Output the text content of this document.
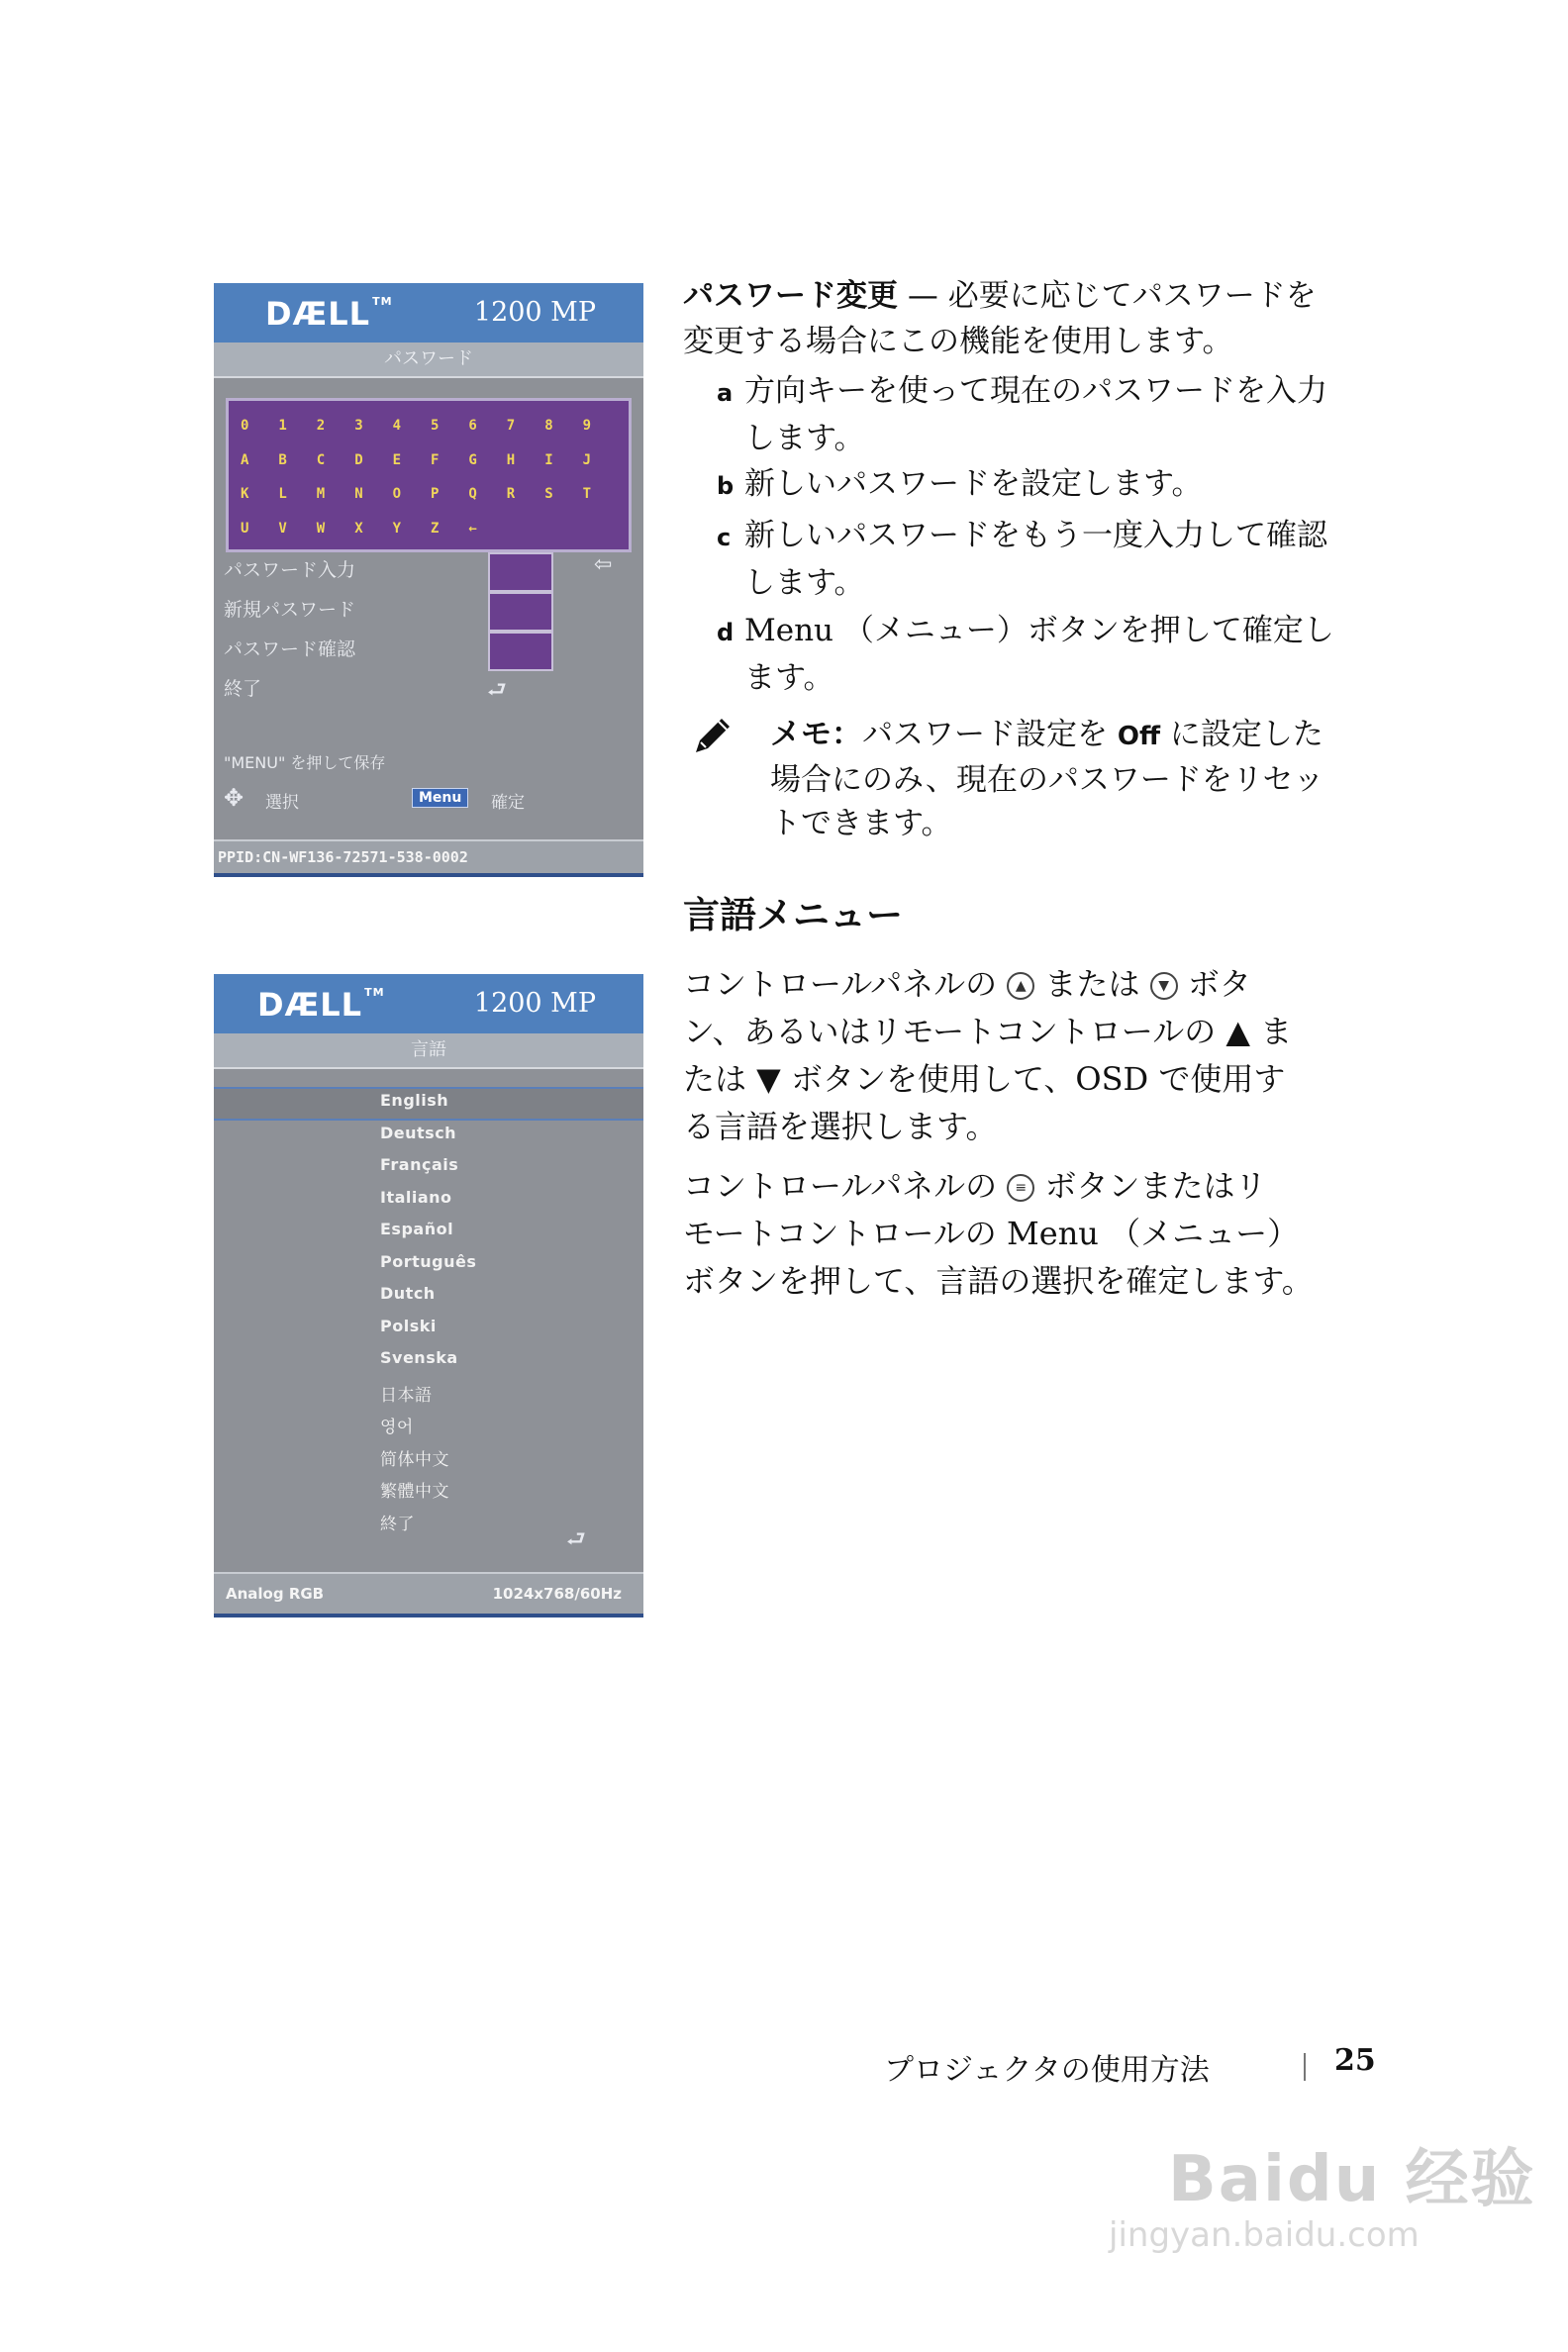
DÆLL ™	1200 MP
パスワード
0	1	2	3	4	5	6	7	8	9
A	B	C	D	E	F	G	H	I	J
K	L	M	N	O	P	Q	R	S	T
U	V	W	X	Y	Z	←
パスワード入力	⇦
新規パスワード
パスワード確認
終了	⮐
"MENU" を押して保存
✥ 選択	Menu	確定
PPID:CN-WF136-72571-538-0002
DÆLL ™	1200 MP
言語
English
Deutsch
Français
Italiano
Español
Português
Dutch
Polski
Svenska
日本語
영어
简体中文
繁體中文
終了
⮐
Analog RGB	1024x768/60Hz
パスワード変更 — 必要に応じてパスワードを
変更する場合にこの機能を使用します。
a 方向キーを使って現在のパスワードを入力
します。
b 新しいパスワードを設定します。
c 新しいパスワードをもう一度入力して確認
します。
d Menu （メニュー）ボタンを押して確定し
ます。
メモ：パスワード設定を Off に設定した
場合にのみ、現在のパスワードをリセッ
トできます。
言語メニュー
コントロールパネルの ▲ または ▼ ボタ
ン、あるいはリモートコントロールの ▲ ま
たは ▼ ボタンを使用して、OSD で使用す
る言語を選択します。
コントロールパネルの ≡ ボタンまたはリ
モートコントロールの Menu （メニュー）
ボタンを押して、言語の選択を確定します。
プロジェクタの使用方法	25
Baidu 经验
jingyan.baidu.com
